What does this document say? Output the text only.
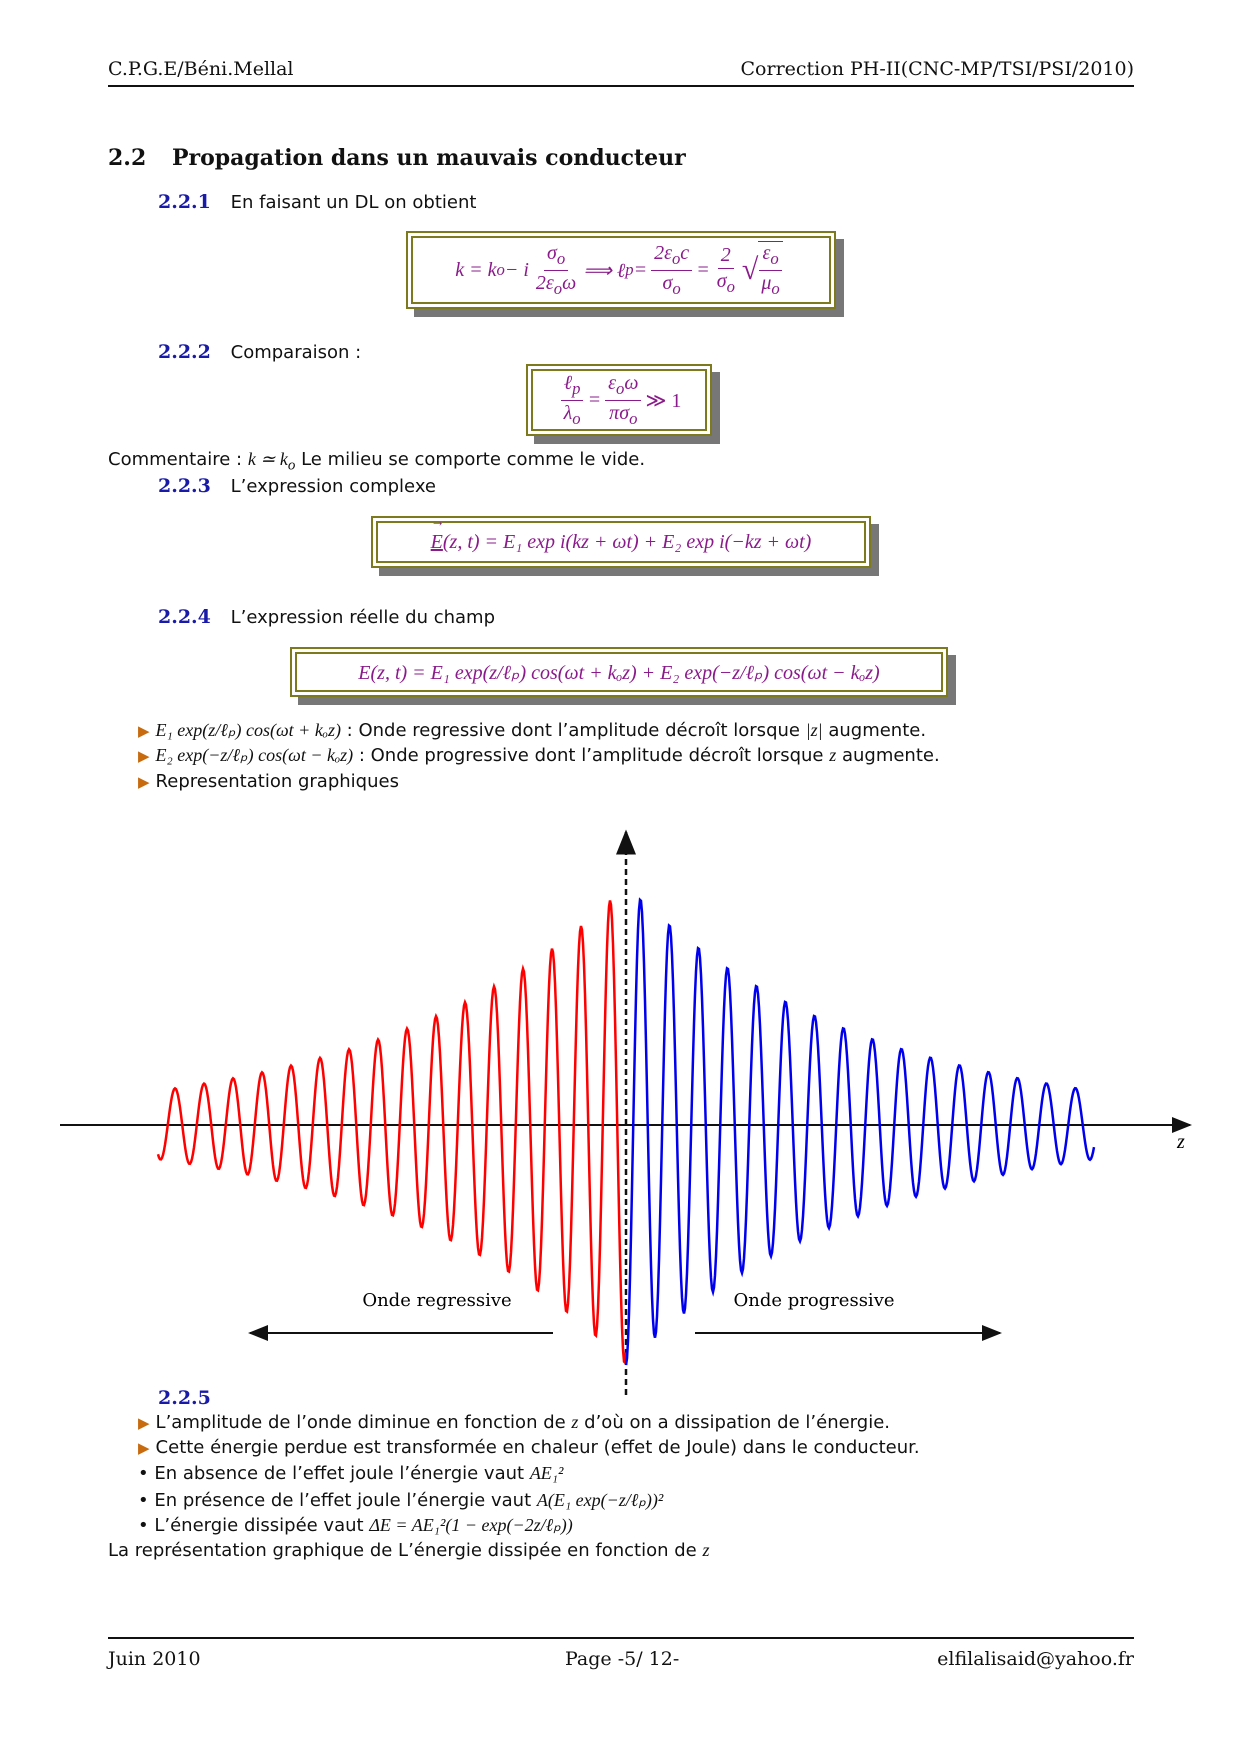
C.P.G.E/Béni.Mellal	Correction PH-II(CNC-MP/TSI/PSI/2010)
2.2 Propagation dans un mauvais conducteur
2.2.1 En faisant un DL on obtient
k = k o − i $\frac{\sigma_o}{2\varepsilon_o\omega}$ ⟹ ℓ $p = \frac{2\varepsilon_oc}{\sigma_o} = \frac{2}{\sigma_o}$ √ $\frac{\varepsilon_o}{\mu_o}$
2.2.2 Comparaison :
$\frac{\ell_p}{\lambda_o} = \frac{\varepsilon_o\omega}{\pi\sigma_o}$ ≫ 1
Commentaire : k ≃ $k_o$ Le milieu se comporte comme le vide.
2.2.3 L’expression complexe
→
E (z, t) = E₁ exp i(kz + ωt) + E₂ exp i(−kz + ωt)
2.2.4 L’expression réelle du champ
E(z, t) = E₁ exp(z/ℓₚ) cos(ωt + kₒz) + E₂ exp(−z/ℓₚ) cos(ωt − kₒz)
▶ E₁ exp(z/ℓₚ) cos(ωt + kₒz) : Onde regressive dont l’amplitude décroît lorsque |z| augmente.
▶ E₂ exp(−z/ℓₚ) cos(ωt − kₒz) : Onde progressive dont l’amplitude décroît lorsque z augmente.
▶ Representation graphiques
z
Onde regressive	Onde progressive
2.2.5
▶ L’amplitude de l’onde diminue en fonction de z d’où on a dissipation de l’énergie.
▶ Cette énergie perdue est transformée en chaleur (effet de Joule) dans le conducteur.
• En absence de l’effet joule l’énergie vaut AE₁²
• En présence de l’effet joule l’énergie vaut A(E₁ exp(−z/ℓₚ))²
• L’énergie dissipée vaut ΔE = AE₁²(1 − exp(−2z/ℓₚ))
La représentation graphique de L’énergie dissipée en fonction de z
Juin 2010	Page -5/ 12-	elfilalisaid@yahoo.fr
